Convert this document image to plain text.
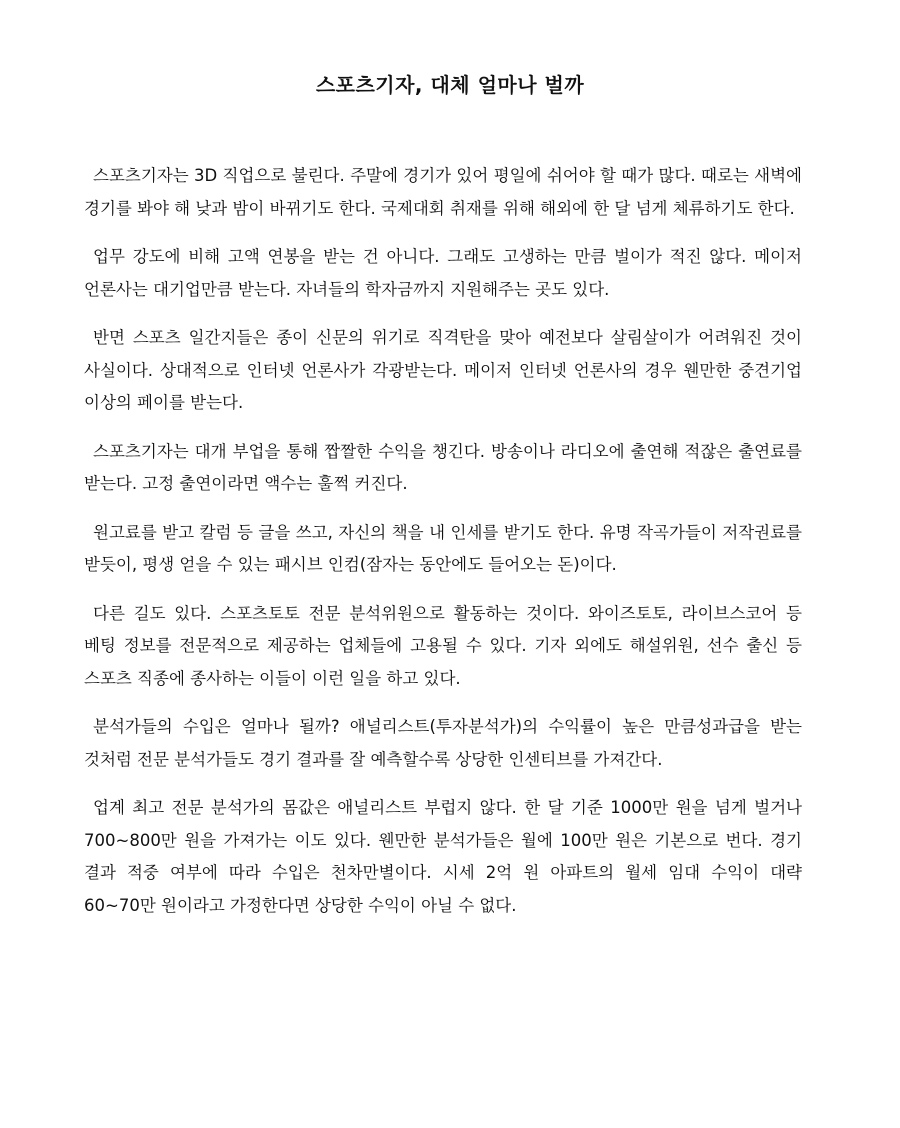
스포츠기자, 대체 얼마나 벌까

스포츠기자는 3D 직업으로 불린다. 주말에 경기가 있어 평일에 쉬어야 할 때가 많다. 때로는 새벽에 경기를 봐야 해 낮과 밤이 바뀌기도 한다. 국제대회 취재를 위해 해외에 한 달 넘게 체류하기도 한다.

업무 강도에 비해 고액 연봉을 받는 건 아니다. 그래도 고생하는 만큼 벌이가 적진 않다. 메이저 언론사는 대기업만큼 받는다. 자녀들의 학자금까지 지원해주는 곳도 있다.

반면 스포츠 일간지들은 종이 신문의 위기로 직격탄을 맞아 예전보다 살림살이가 어려워진 것이 사실이다. 상대적으로 인터넷 언론사가 각광받는다. 메이저 인터넷 언론사의 경우 웬만한 중견기업 이상의 페이를 받는다.

스포츠기자는 대개 부업을 통해 짭짤한 수익을 챙긴다. 방송이나 라디오에 출연해 적잖은 출연료를 받는다. 고정 출연이라면 액수는 훌쩍 커진다.

원고료를 받고 칼럼 등 글을 쓰고, 자신의 책을 내 인세를 받기도 한다. 유명 작곡가들이 저작권료를 받듯이, 평생 얻을 수 있는 패시브 인컴(잠자는 동안에도 들어오는 돈)이다.

다른 길도 있다. 스포츠토토 전문 분석위원으로 활동하는 것이다. 와이즈토토, 라이브스코어 등 베팅 정보를 전문적으로 제공하는 업체들에 고용될 수 있다. 기자 외에도 해설위원, 선수 출신 등 스포츠 직종에 종사하는 이들이 이런 일을 하고 있다.

분석가들의 수입은 얼마나 될까? 애널리스트(투자분석가)의 수익률이 높은 만큼성과급을 받는 것처럼 전문 분석가들도 경기 결과를 잘 예측할수록 상당한 인센티브를 가져간다.

업계 최고 전문 분석가의 몸값은 애널리스트 부럽지 않다. 한 달 기준 1000만 원을 넘게 벌거나 700~800만 원을 가져가는 이도 있다. 웬만한 분석가들은 월에 100만 원은 기본으로 번다. 경기 결과 적중 여부에 따라 수입은 천차만별이다. 시세 2억 원 아파트의 월세 임대 수익이 대략 60~70만 원이라고 가정한다면 상당한 수익이 아닐 수 없다.
